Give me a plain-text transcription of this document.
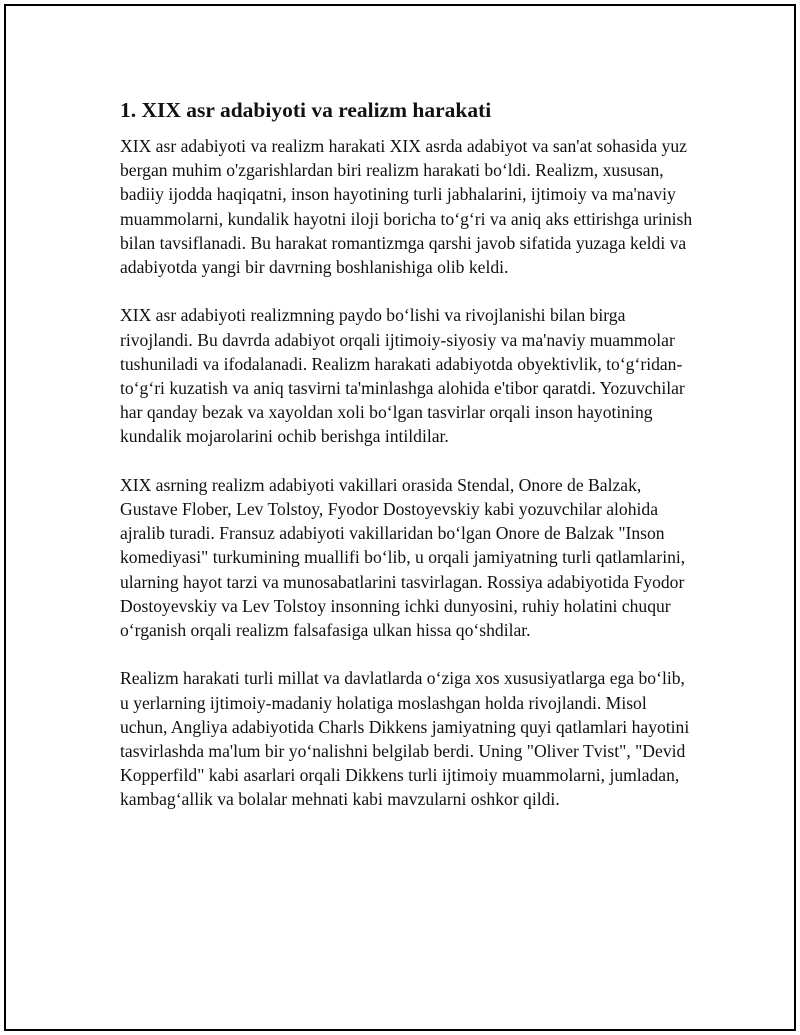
1. XIX asr adabiyoti va realizm harakati

XIX asr adabiyoti va realizm harakati XIX asrda adabiyot va san'at sohasida yuz bergan muhim o'zgarishlardan biri realizm harakati bo‘ldi. Realizm, xususan, badiiy ijodda haqiqatni, inson hayotining turli jabhalarini, ijtimoiy va ma'naviy muammolarni, kundalik hayotni iloji boricha to‘g‘ri va aniq aks ettirishga urinish bilan tavsiflanadi. Bu harakat romantizmga qarshi javob sifatida yuzaga keldi va adabiyotda yangi bir davrning boshlanishiga olib keldi.

XIX asr adabiyoti realizmning paydo bo‘lishi va rivojlanishi bilan birga rivojlandi. Bu davrda adabiyot orqali ijtimoiy-siyosiy va ma'naviy muammolar tushuniladi va ifodalanadi. Realizm harakati adabiyotda obyektivlik, to‘g‘ridan-to‘g‘ri kuzatish va aniq tasvirni ta'minlashga alohida e'tibor qaratdi. Yozuvchilar har qanday bezak va xayoldan xoli bo‘lgan tasvirlar orqali inson hayotining kundalik mojarolarini ochib berishga intildilar.

XIX asrning realizm adabiyoti vakillari orasida Stendal, Onore de Balzak, Gustave Flober, Lev Tolstoy, Fyodor Dostoyevskiy kabi yozuvchilar alohida ajralib turadi. Fransuz adabiyoti vakillaridan bo‘lgan Onore de Balzak "Inson komediyasi" turkumining muallifi bo‘lib, u orqali jamiyatning turli qatlamlarini, ularning hayot tarzi va munosabatlarini tasvirlagan. Rossiya adabiyotida Fyodor Dostoyevskiy va Lev Tolstoy insonning ichki dunyosini, ruhiy holatini chuqur o‘rganish orqali realizm falsafasiga ulkan hissa qo‘shdilar.

Realizm harakati turli millat va davlatlarda o‘ziga xos xususiyatlarga ega bo‘lib, u yerlarning ijtimoiy-madaniy holatiga moslashgan holda rivojlandi. Misol uchun, Angliya adabiyotida Charls Dikkens jamiyatning quyi qatlamlari hayotini tasvirlashda ma'lum bir yo‘nalishni belgilab berdi. Uning "Oliver Tvist", "Devid Kopperfild" kabi asarlari orqali Dikkens turli ijtimoiy muammolarni, jumladan, kambag‘allik va bolalar mehnati kabi mavzularni oshkor qildi.
